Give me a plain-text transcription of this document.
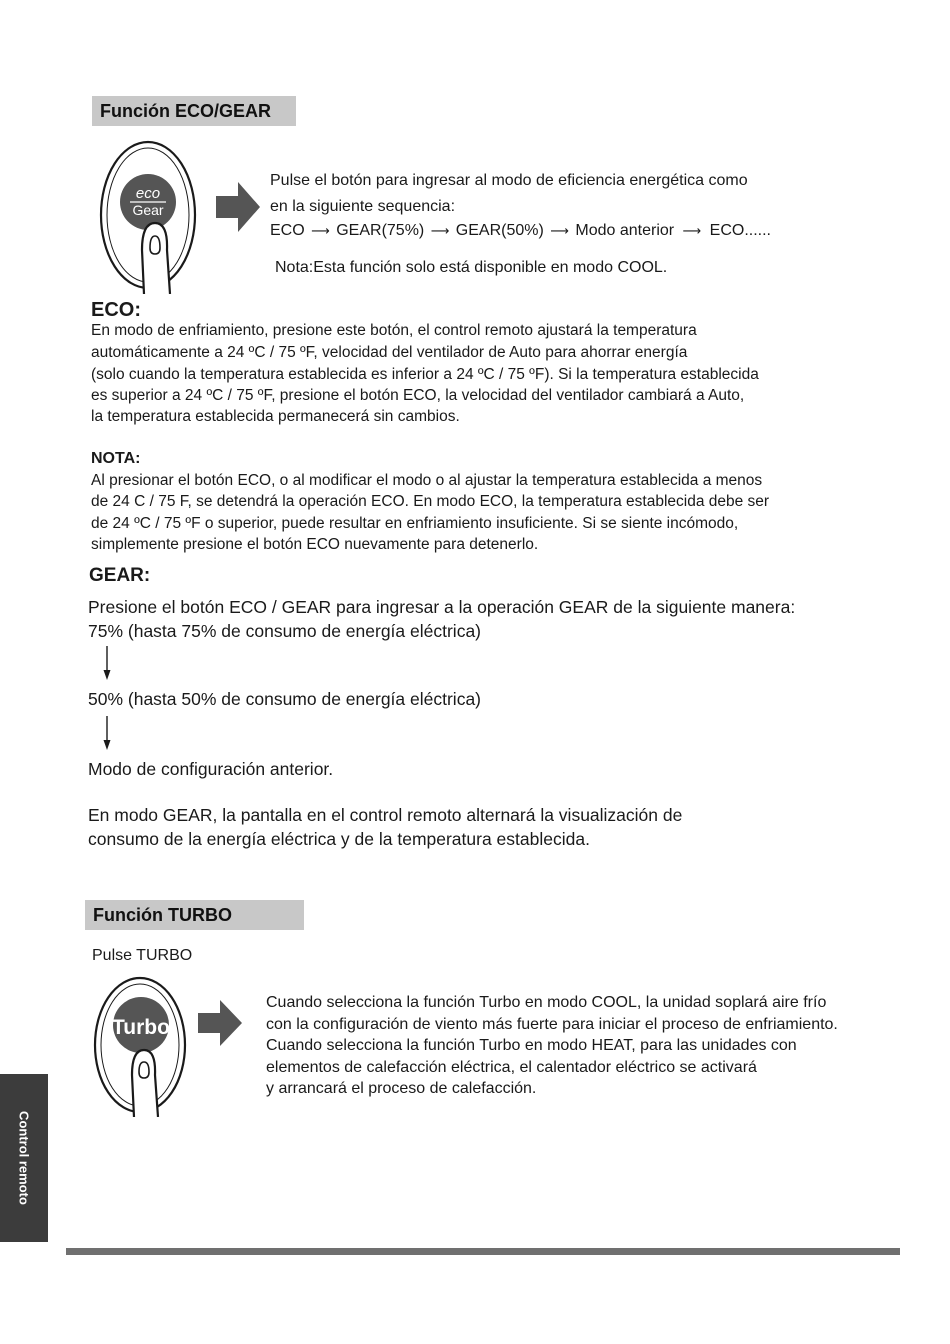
Función ECO/GEAR
eco
Gear
Pulse el botón para ingresar al modo de eficiencia energética como
en la siguiente sequencia:
ECO ⟶ GEAR(75%) ⟶ GEAR(50%) ⟶ Modo anterior ⟶ ECO......
Nota:Esta función solo está disponible en modo COOL.
ECO:
En modo de enfriamiento, presione este botón, el control remoto ajustará la temperatura
automáticamente a 24 ºC / 75 ºF, velocidad del ventilador de Auto para ahorrar energía
(solo cuando la temperatura establecida es inferior a 24 ºC / 75 ºF). Si la temperatura establecida
es superior a 24 ºC / 75 ºF, presione el botón ECO, la velocidad del ventilador cambiará a Auto,
la temperatura establecida permanecerá sin cambios.
NOTA:
Al presionar el botón ECO, o al modificar el modo o al ajustar la temperatura establecida a menos
de 24 C / 75 F, se detendrá la operación ECO. En modo ECO, la temperatura establecida debe ser
de 24 ºC / 75 ºF o superior, puede resultar en enfriamiento insuficiente. Si se siente incómodo,
simplemente presione el botón ECO nuevamente para detenerlo.
GEAR:
Presione el botón ECO / GEAR para ingresar a la operación GEAR de la siguiente manera:
75% (hasta 75% de consumo de energía eléctrica)
50% (hasta 50% de consumo de energía eléctrica)
Modo de configuración anterior.
En modo GEAR, la pantalla en el control remoto alternará la visualización de
consumo de la energía eléctrica y de la temperatura establecida.
Función TURBO
Pulse TURBO
Turbo
Cuando selecciona la función Turbo en modo COOL, la unidad soplará aire frío
con la configuración de viento más fuerte para iniciar el proceso de enfriamiento.
Cuando selecciona la función Turbo en modo HEAT, para las unidades con
elementos de calefacción eléctrica, el calentador eléctrico se activará
y arrancará el proceso de calefacción.
Control remoto
